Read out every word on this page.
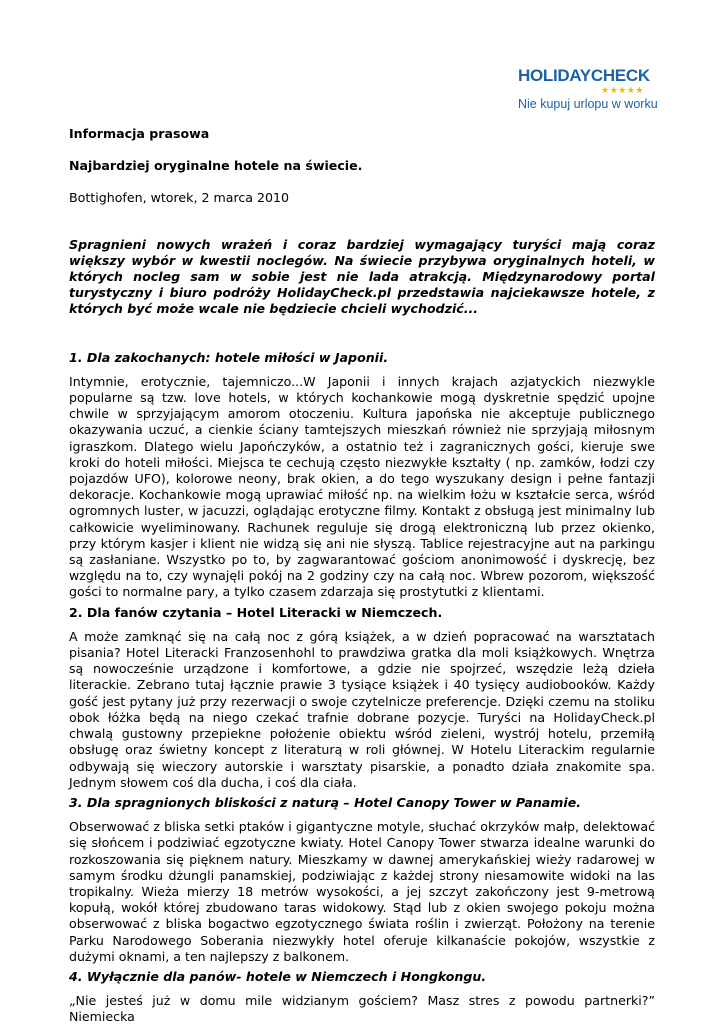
HOLIDAYCHECK
★★★★★
Nie kupuj urlopu w worku

Informacja prasowa

Najbardziej oryginalne hotele na świecie.

Bottighofen, wtorek, 2 marca 2010

Spragnieni nowych wrażeń i coraz bardziej wymagający turyści mają coraz większy wybór w kwestii noclegów. Na świecie przybywa oryginalnych hoteli, w których nocleg sam w sobie jest nie lada atrakcją. Międzynarodowy portal turystyczny i biuro podróży HolidayCheck.pl przedstawia najciekawsze hotele, z których być może wcale nie będziecie chcieli wychodzić...

1. Dla zakochanych: hotele miłości w Japonii.

Intymnie, erotycznie, tajemniczo...W Japonii i innych krajach azjatyckich niezwykle popularne są tzw. love hotels, w których kochankowie mogą dyskretnie spędzić upojne chwile w sprzyjającym amorom otoczeniu. Kultura japońska nie akceptuje publicznego okazywania uczuć, a cienkie ściany tamtejszych mieszkań również nie sprzyjają miłosnym igraszkom. Dlatego wielu Japończyków, a ostatnio też i zagranicznych gości, kieruje swe kroki do hoteli miłości. Miejsca te cechują często niezwykłe kształty ( np. zamków, łodzi czy pojazdów UFO), kolorowe neony, brak okien, a do tego wyszukany design i pełne fantazji dekoracje. Kochankowie mogą uprawiać miłość np. na wielkim łożu w kształcie serca, wśród ogromnych luster, w jacuzzi, oglądając erotyczne filmy. Kontakt z obsługą jest minimalny lub całkowicie wyeliminowany. Rachunek reguluje się drogą elektroniczną lub przez okienko, przy którym kasjer i klient nie widzą się ani nie słyszą. Tablice rejestracyjne aut na parkingu są zasłaniane. Wszystko po to, by zagwarantować gościom anonimowość i dyskrecję, bez względu na to, czy wynajęli pokój na 2 godziny czy na całą noc. Wbrew pozorom, większość gości to normalne pary, a tylko czasem zdarzaja się prostytutki z klientami.

2. Dla fanów czytania – Hotel Literacki w Niemczech.

A może zamknąć się na całą noc z górą książek, a w dzień popracować na warsztatach pisania? Hotel Literacki Franzosenhohl to prawdziwa gratka dla moli książkowych. Wnętrza są nowocześnie urządzone i komfortowe, a gdzie nie spojrzeć, wszędzie leżą dzieła literackie. Zebrano tutaj łącznie prawie 3 tysiące książek i 40 tysięcy audiobooków. Każdy gość jest pytany już przy rezerwacji o swoje czytelnicze preferencje. Dzięki czemu na stoliku obok łóżka będą na niego czekać trafnie dobrane pozycje. Turyści na HolidayCheck.pl chwalą gustowny przepiekne położenie obiektu wśród zieleni, wystrój hotelu, przemiłą obsługę oraz świetny koncept z literaturą w roli głównej. W Hotelu Literackim regularnie odbywają się wieczory autorskie i warsztaty pisarskie, a ponadto działa znakomite spa. Jednym słowem coś dla ducha, i coś dla ciała.

3. Dla spragnionych bliskości z naturą – Hotel Canopy Tower w Panamie.

Obserwować z bliska setki ptaków i gigantyczne motyle, słuchać okrzyków małp, delektować się słońcem i podziwiać egzotyczne kwiaty. Hotel Canopy Tower stwarza idealne warunki do rozkoszowania się pięknem natury. Mieszkamy w dawnej amerykańskiej wieży radarowej w samym środku dżungli panamskiej, podziwiając z każdej strony niesamowite widoki na las tropikalny. Wieża mierzy 18 metrów wysokości, a jej szczyt zakończony jest 9-metrową kopułą, wokół której zbudowano taras widokowy. Stąd lub z okien swojego pokoju można obserwować z bliska bogactwo egzotycznego świata roślin i zwierząt. Położony na terenie Parku Narodowego Soberania niezwykły hotel oferuje kilkanaście pokojów, wszystkie z dużymi oknami, a ten najlepszy z balkonem.

4. Wyłącznie dla panów- hotele w Niemczech i Hongkongu.

„Nie jesteś już w domu mile widzianym gościem? Masz stres z powodu partnerki?” Niemiecka
